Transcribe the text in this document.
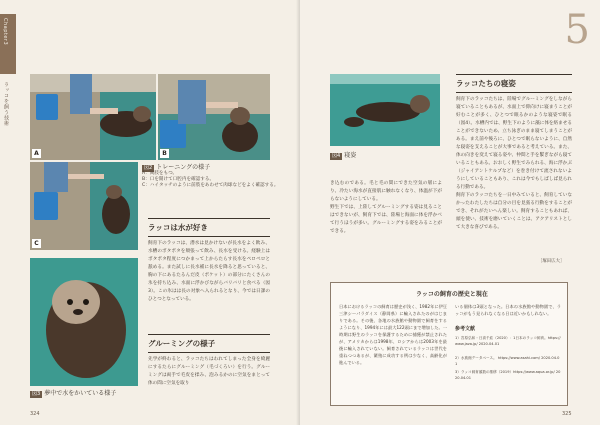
Chapter3
ラッコを飼う技術
A	B
C
図2 トレーニングの様子
A：両肢をもつ。
B：口を開けて口腔内を確認する。
C：ハイタッチのように前肢をあわせて肉球などをよく確認する。
図3 夢中で水をかいている様子
ラッコは水が好き
飼育下のラッコは、潜水は見かけないが長水をよく飲み、水槽のポタポタを頬張って飲み、長水を受ける。経験上はポタポタ程度につかまって上からたらす長水をペロペロと舐める。また試しに長水補に長水を降ると思っていると、胸の下にあるたるんだ皮（ポケット）の部分にたくさんの氷を持ち込み、水面に浮かびながらバリバリと食べる（図3）。この氷はは長の対象へ入られるとなり、今では日課のひとつとなっている。
グルーミングの様子
先学が終わると、ラッコたちはわれてしまった全身を綺麗にするたらにグルーミング（毛づくろい）を行う。グルーミングは両手で毛皮を揉み、泡みるかのに空気をまとって体の間に空気を取り
324
5
図4 寝姿
き込むのである。毛と毛の間にできた空気の層により、冷たい海水が直接肌に触れなくなり、体温が下がらないようにしている。
野生下では、上陸してグルーミングする姿は見ることはできないが、飼育下では、陸場と海面に体を浮かべて行うほうが多い。グルーミングする姿をみることができる。
ラッコたちの寝姿
飼育下のラッコたちは、陸場でグルーミングをしながら寝ていることもあるが、水面上で仰向けに寝まうことが好むことが多く、ひとつで眠るかのような寝姿で眠る（図4）。水槽内では、野生下のように藻に体を絡ませることができないため、立ち泳ぎのまま寝てしまうことがある。まえ前や後ろに、ひとつで眠らないように、自然な寝姿を支えることが大事であると考えている。また、体の向きを変えて寝る姿や、仲間と手を繋ぎながら寝ていることもある。おおしく野生でみられる、海に浮かぶ（ジャイアントケルプなど）を巻き付けて流されないようにしていることもあり、これは今でもしばしば見られる行動である。
飼育下のラッコたちを一日中みていると、飼育していなかったわたしたちは自分の目を見張る行動をすることができ、それがたいへん楽しい。飼育することもあれば、頭を使い、技術を磨いていくことは、アクアリストとして大きな喜びである。
［塚田広大］
325
ラッコの飼育の歴史と現在
日本におけるラッコの飼育は歴史が浅く、1982年に伊豆三津シーパラダイス（静岡県）に輸入されたのがはじまりである。その後、各地の水族館や動物園で飼育をするようになり、1994年には最大122頭にまで増加した。一時期は野生のラッコを保護するために捕獲が禁止されたが、アメリカからは1998年、ロシアからは2003年を最後に輸入されていない。飼育されているラッコは世代を重ねつつあるが、繁殖に成功する例は少なく、高齢化が進んでいる。
いる個体は3頭となった。日本の水族館や動物園で、ラッコがもう見られなくなる日は近いかもしれない。
参考文献
1）宮原弘和・日高千紘（2020）：1日本のラッコ飼育。https://www.jaza.jp/ 2020.04.01
2）水族館データベース。 https://www.asahi.com/ 2020.04.01
3）ラッコ飼育頭数の推移（2019）https://www.aqua.or.jp/ 2020.04.01
